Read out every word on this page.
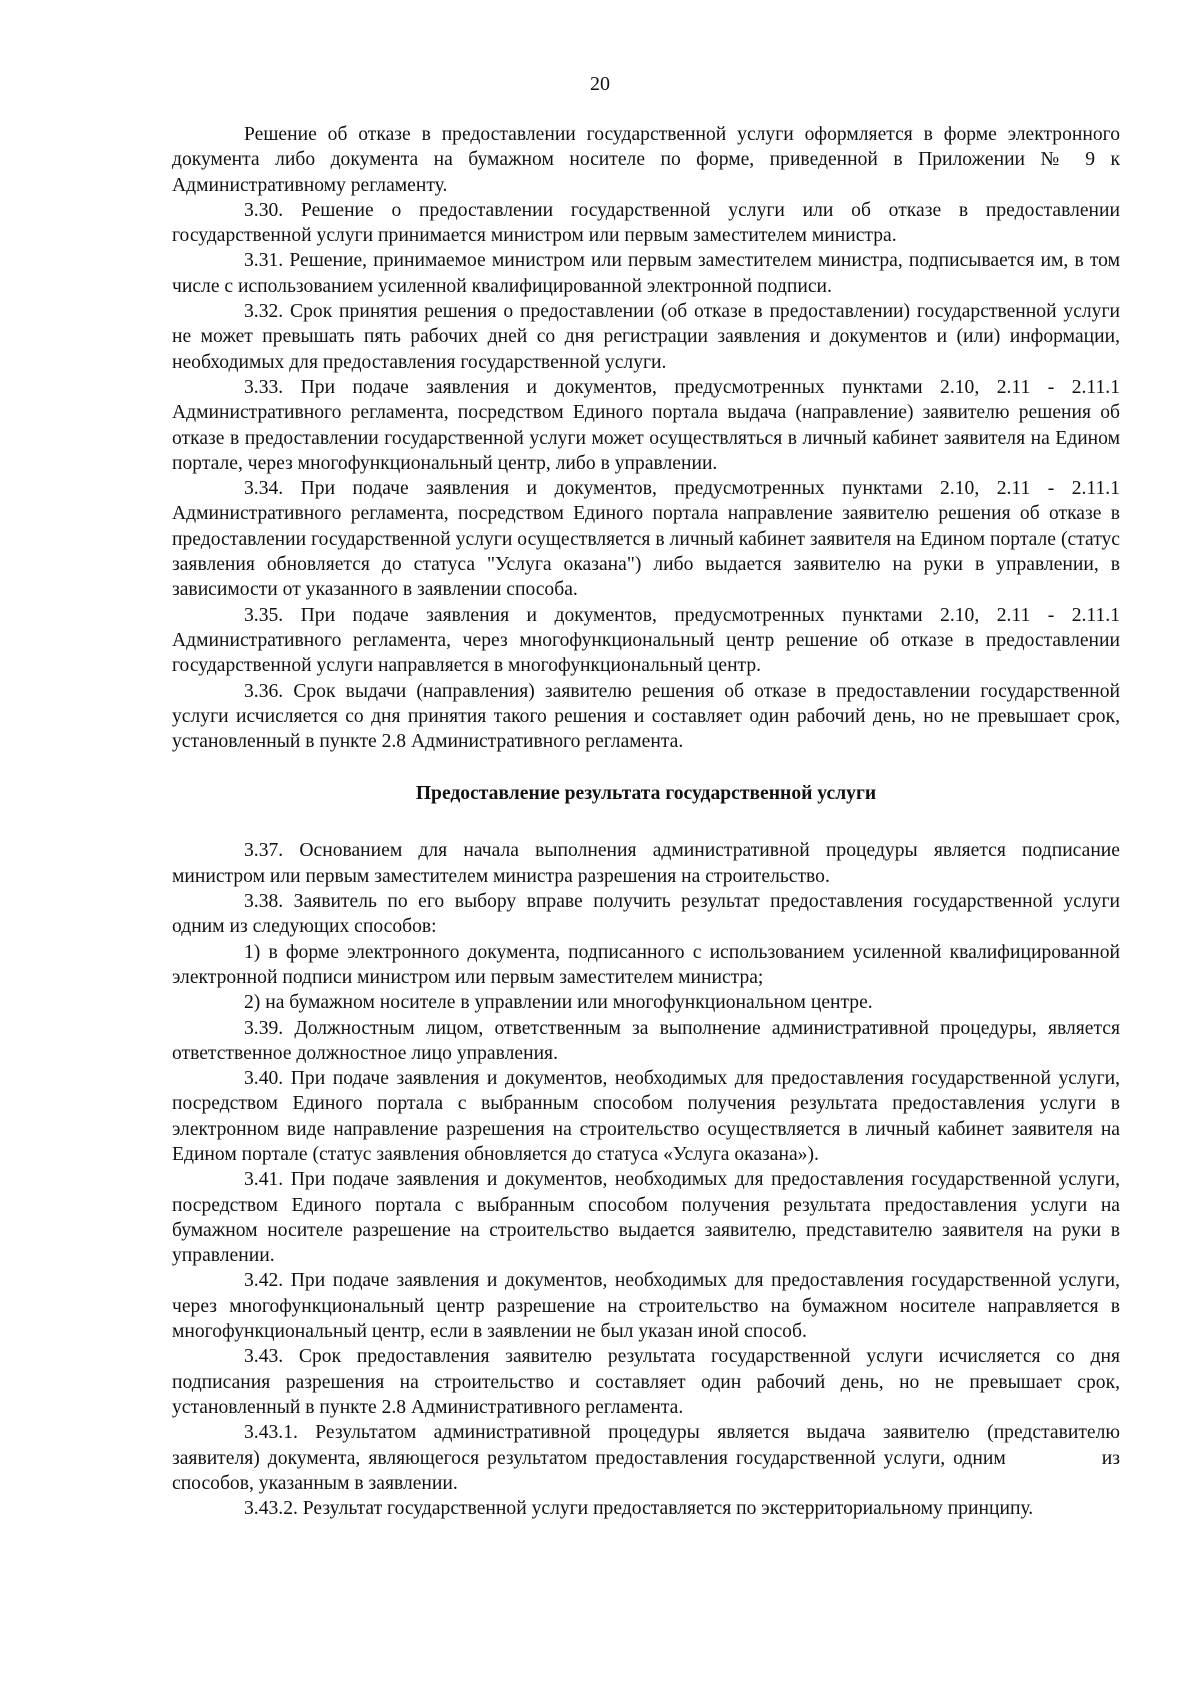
20

Решение об отказе в предоставлении государственной услуги оформляется в форме электронного документа либо документа на бумажном носителе по форме, приведенной в Приложении № 9 к Административному регламенту.

3.30. Решение о предоставлении государственной услуги или об отказе в предоставлении государственной услуги принимается министром или первым заместителем министра.

3.31. Решение, принимаемое министром или первым заместителем министра, подписывается им, в том числе с использованием усиленной квалифицированной электронной подписи.

3.32. Срок принятия решения о предоставлении (об отказе в предоставлении) государственной услуги не может превышать пять рабочих дней со дня регистрации заявления и документов и (или) информации, необходимых для предоставления государственной услуги.

3.33. При подаче заявления и документов, предусмотренных пунктами 2.10, 2.11 - 2.11.1 Административного регламента, посредством Единого портала выдача (направление) заявителю решения об отказе в предоставлении государственной услуги может осуществляться в личный кабинет заявителя на Едином портале, через многофункциональный центр, либо в управлении.

3.34. При подаче заявления и документов, предусмотренных пунктами 2.10, 2.11 - 2.11.1 Административного регламента, посредством Единого портала направление заявителю решения об отказе в предоставлении государственной услуги осуществляется в личный кабинет заявителя на Едином портале (статус заявления обновляется до статуса "Услуга оказана") либо выдается заявителю на руки в управлении, в зависимости от указанного в заявлении способа.

3.35. При подаче заявления и документов, предусмотренных пунктами 2.10, 2.11 - 2.11.1 Административного регламента, через многофункциональный центр решение об отказе в предоставлении государственной услуги направляется в многофункциональный центр.

3.36. Срок выдачи (направления) заявителю решения об отказе в предоставлении государственной услуги исчисляется со дня принятия такого решения и составляет один рабочий день, но не превышает срок, установленный в пункте 2.8 Административного регламента.

Предоставление результата государственной услуги

3.37. Основанием для начала выполнения административной процедуры является подписание министром или первым заместителем министра разрешения на строительство.

3.38. Заявитель по его выбору вправе получить результат предоставления государственной услуги одним из следующих способов:

1) в форме электронного документа, подписанного с использованием усиленной квалифицированной электронной подписи министром или первым заместителем министра;

2) на бумажном носителе в управлении или многофункциональном центре.

3.39. Должностным лицом, ответственным за выполнение административной процедуры, является ответственное должностное лицо управления.

3.40. При подаче заявления и документов, необходимых для предоставления государственной услуги, посредством Единого портала с выбранным способом получения результата предоставления услуги в электронном виде направление разрешения на строительство осуществляется в личный кабинет заявителя на Едином портале (статус заявления обновляется до статуса «Услуга оказана»).

3.41. При подаче заявления и документов, необходимых для предоставления государственной услуги, посредством Единого портала с выбранным способом получения результата предоставления услуги на бумажном носителе разрешение на строительство выдается заявителю, представителю заявителя на руки в управлении.

3.42. При подаче заявления и документов, необходимых для предоставления государственной услуги, через многофункциональный центр разрешение на строительство на бумажном носителе направляется в многофункциональный центр, если в заявлении не был указан иной способ.

3.43. Срок предоставления заявителю результата государственной услуги исчисляется со дня подписания разрешения на строительство и составляет один рабочий день, но не превышает срок, установленный в пункте 2.8 Административного регламента.

3.43.1. Результатом административной процедуры является выдача заявителю (представителю заявителя) документа, являющегося результатом предоставления государственной услуги, одним	из способов, указанным в заявлении.

3.43.2. Результат государственной услуги предоставляется по экстерриториальному принципу.
